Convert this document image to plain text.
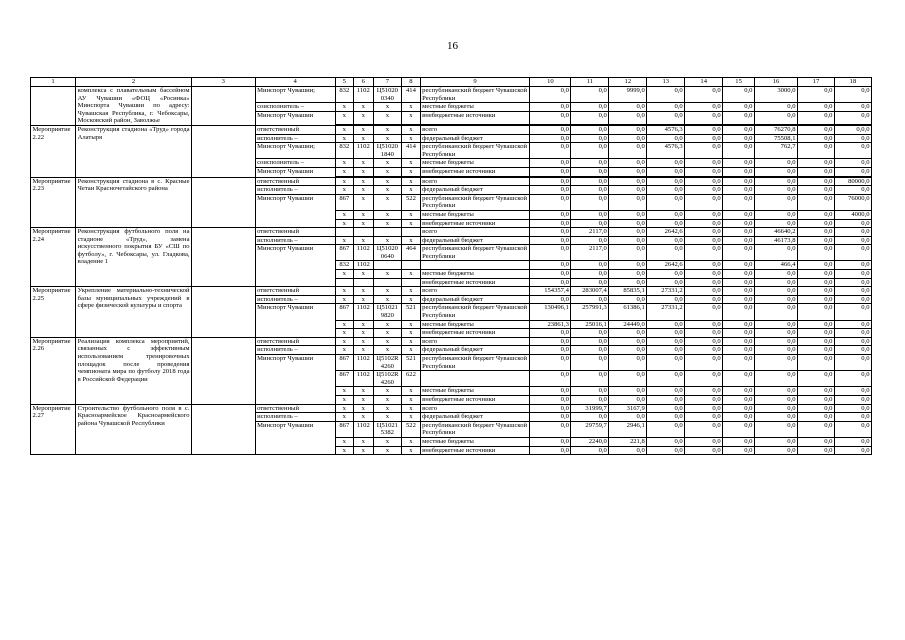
16
1	2	3	4	5	6	7	8	9	10	11	12	13	14	15	16	17	18
	комплекса с плавательным бассейном АУ Чувашии «ФОЦ «Росинка» Минспорта Чувашии по адресу: Чувашская Республика, г. Чебоксары, Московский район, Заволжье		Минспорт Чувашии;	832	1102	Ц51020 0340	414	республиканский бюджет Чувашской Республики	0,0	0,0	9999,0	0,0	0,0	0,0	3000,0	0,0	0,0
			соисполнитель –	x	x	x	x	местные бюджеты	0,0	0,0	0,0	0,0	0,0	0,0	0,0	0,0	0,0
			Минспорт Чувашии	x	x	x	x	внебюджетные источники	0,0	0,0	0,0	0,0	0,0	0,0	0,0	0,0	0,0

Мероприятие 2.22	Реконструкция стадиона «Труд» города Алатыря		ответственный	x	x	x	x	всего	0,0	0,0	0,0	4576,3	0,0	0,0	76270,8	0,0	0,0,0
			исполнитель –	x	x	x	x	федеральный бюджет	0,0	0,0	0,0	0,0	0,0	0,0	75508,1	0,0	0,0
			Минспорт Чувашии;	832	1102	Ц51020 1840	414	республиканский бюджет Чувашской Республики	0,0	0,0	0,0	4576,3	0,0	0,0	762,7	0,0	0,0
			соисполнитель –	x	x	x	x	местные бюджеты	0,0	0,0	0,0	0,0	0,0	0,0	0,0	0,0	0,0
			Минспорт Чувашии	x	x	x	x	внебюджетные источники	0,0	0,0	0,0	0,0	0,0	0,0	0,0	0,0	0,0

Мероприятие 2.23	Реконструкция стадиона в с. Красные Четаи Красночетайского района		ответственный	x	x	x	x	всего	0,0	0,0	0,0	0,0	0,0	0,0	0,0	0,0	80000,0
			исполнитель –	x	x	x	x	федеральный бюджет	0,0	0,0	0,0	0,0	0,0	0,0	0,0	0,0	0,0
			Минспорт Чувашии	867	x	x	522	республиканский бюджет Чувашской Республики	0,0	0,0	0,0	0,0	0,0	0,0	0,0	0,0	76000,0
				x	x	x	x	местные бюджеты	0,0	0,0	0,0	0,0	0,0	0,0	0,0	0,0	4000,0
				x	x	x	x	внебюджетные источники	0,0	0,0	0,0	0,0	0,0	0,0	0,0	0,0	0,0
Мероприятие 2.24	Реконструкция футбольного поля на стадионе «Труд», замена искусственного покрытия БУ «СШ по футболу», г. Чебоксары, ул. Гладкова, владение 1		ответственный					всего	0,0	2117,0	0,0	2642,6	0,0	0,0	46640,2	0,0	0,0
			исполнитель –	x	x	x	x	федеральный бюджет	0,0	0,0	0,0	0,0	0,0	0,0	46173,8	0,0	0,0
			Минспорт Чувашии	867	1102	Ц51020 0640	464	республиканский бюджет Чувашской Республики	0,0	2117,0	0,0	0,0	0,0	0,0	0,0	0,0	0,0
				832	1102				0,0	0,0	0,0	2642,6	0,0	0,0	466,4	0,0	0,0
				x	x	x	x	местные бюджеты	0,0	0,0	0,0	0,0	0,0	0,0	0,0	0,0	0,0
								внебюджетные источники	0,0	0,0	0,0	0,0	0,0	0,0	0,0	0,0	0,0
Мероприятие 2.25	Укрепление материально-технической базы муниципальных учреждений в сфере физической культуры и спорта		ответственный	x	x	x	x	всего	154357,4	283007,4	85835,1	27331,2	0,0	0,0	0,0	0,0	0,0
			исполнитель –	x	x	x	x	федеральный бюджет	0,0	0,0	0,0	0,0	0,0	0,0	0,0	0,0	0,0
			Минспорт Чувашии	867	1102	Ц51021 9820	521	республиканский бюджет Чувашской Республики	130496,1	257991,3	61386,1	27331,2	0,0	0,0	0,0	0,0	0,0
				x	x	x	x	местные бюджеты	23861,3	25016,1	24449,0	0,0	0,0	0,0	0,0	0,0	0,0
				x	x	x	x	внебюджетные источники	0,0	0,0	0,0	0,0	0,0	0,0	0,0	0,0	0,0
Мероприятие 2.26	Реализация комплекса мероприятий, связанных с эффективным использованием тренировочных площадок после проведения чемпионата мира по футболу 2018 года в Российской Федерации		ответственный	x	x	x	x	всего	0,0	0,0	0,0	0,0	0,0	0,0	0,0	0,0	0,0
			исполнитель –	x	x	x	x	федеральный бюджет	0,0	0,0	0,0	0,0	0,0	0,0	0,0	0,0	0,0
			Минспорт Чувашии	867	1102	Ц5102R 4260	521	республиканский бюджет Чувашской Республики	0,0	0,0	0,0	0,0	0,0	0,0	0,0	0,0	0,0
				867	1102	Ц5102R 4260	622		0,0	0,0	0,0	0,0	0,0	0,0	0,0	0,0	0,0
				x	x	x	x	местные бюджеты	0,0	0,0	0,0	0,0	0,0	0,0	0,0	0,0	0,0
				x	x	x	x	внебюджетные источники	0,0	0,0	0,0	0,0	0,0	0,0	0,0	0,0	0,0
Мероприятие 2.27	Строительство футбольного поля в с. Красноармейское Красноармейского района Чувашской Республики		ответственный	x	x	x	x	всего	0,0	31999,7	3167,9	0,0	0,0	0,0	0,0	0,0	0,0
			исполнитель –	x	x	x	x	федеральный бюджет	0,0	0,0	0,0	0,0	0,0	0,0	0,0	0,0	0,0
			Минспорт Чувашии	867	1102	Ц51021 5382	522	республиканский бюджет Чувашской Республики	0,0	29759,7	2946,1	0,0	0,0	0,0	0,0	0,0	0,0
				x	x	x	x	местные бюджеты	0,0	2240,0	221,8	0,0	0,0	0,0	0,0	0,0	0,0
				x	x	x	x	внебюджетные источники	0,0	0,0	0,0	0,0	0,0	0,0	0,0	0,0	0,0
